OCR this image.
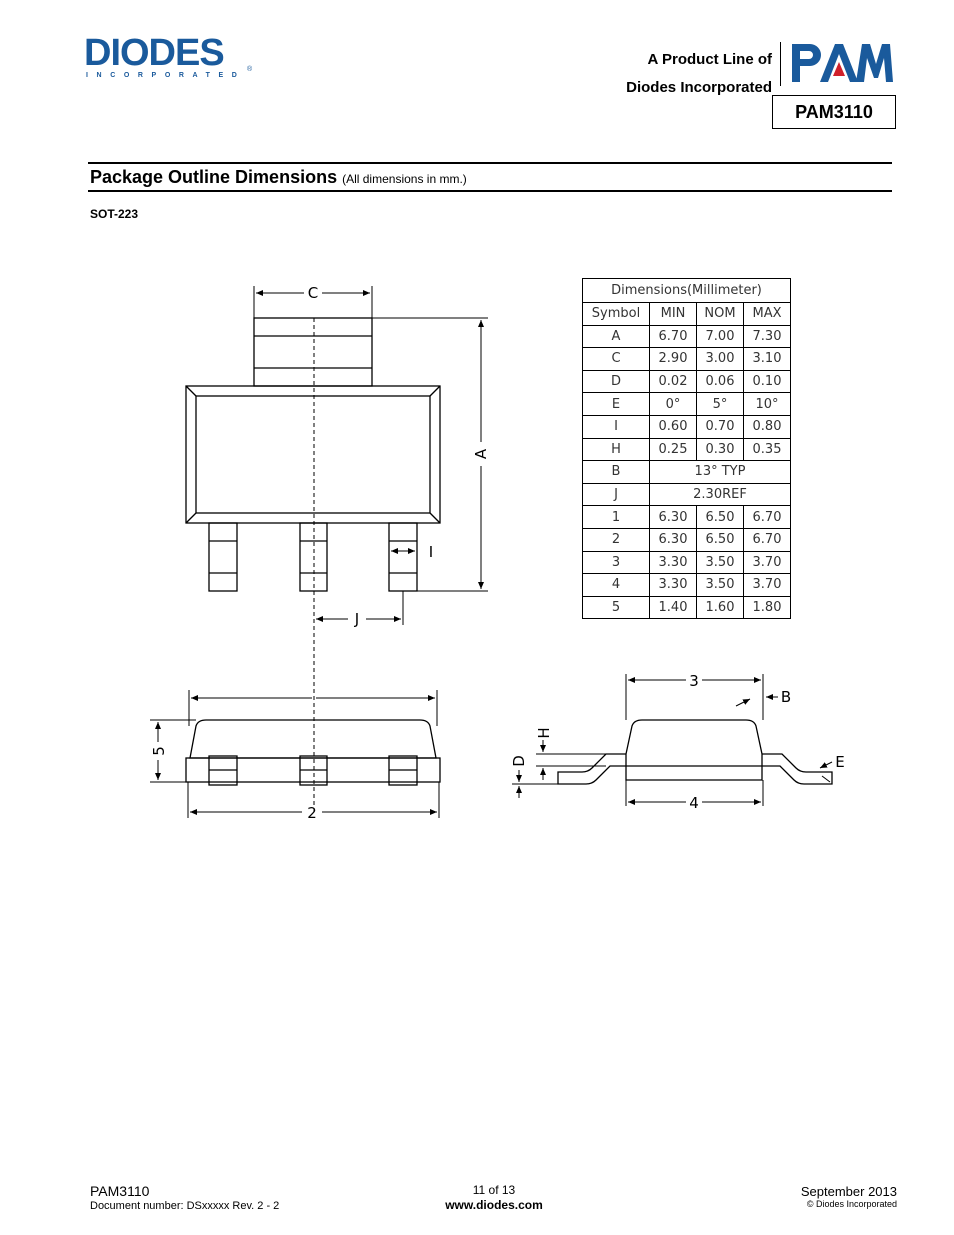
DIODES
INCORPORATED
®
A Product Line of
Diodes Incorporated
PAM3110
Package Outline Dimensions (All dimensions in mm.)
SOT-223
C
A
I
J
5
2
3
4
B
E
H
D
Dimensions(Millimeter)			
Symbol	MIN	NOM	MAX
A	6.70	7.00	7.30
C	2.90	3.00	3.10
D	0.02	0.06	0.10
E	0°	5°	10°
I	0.60	0.70	0.80
H	0.25	0.30	0.35
B	13° TYP		
J	2.30REF		
1	6.30	6.50	6.70
2	6.30	6.50	6.70
3	3.30	3.50	3.70
4	3.30	3.50	3.70
5	1.40	1.60	1.80
PAM3110
Document number: DSxxxxx Rev. 2 - 2
11 of 13
www.diodes.com
September 2013
© Diodes Incorporated
